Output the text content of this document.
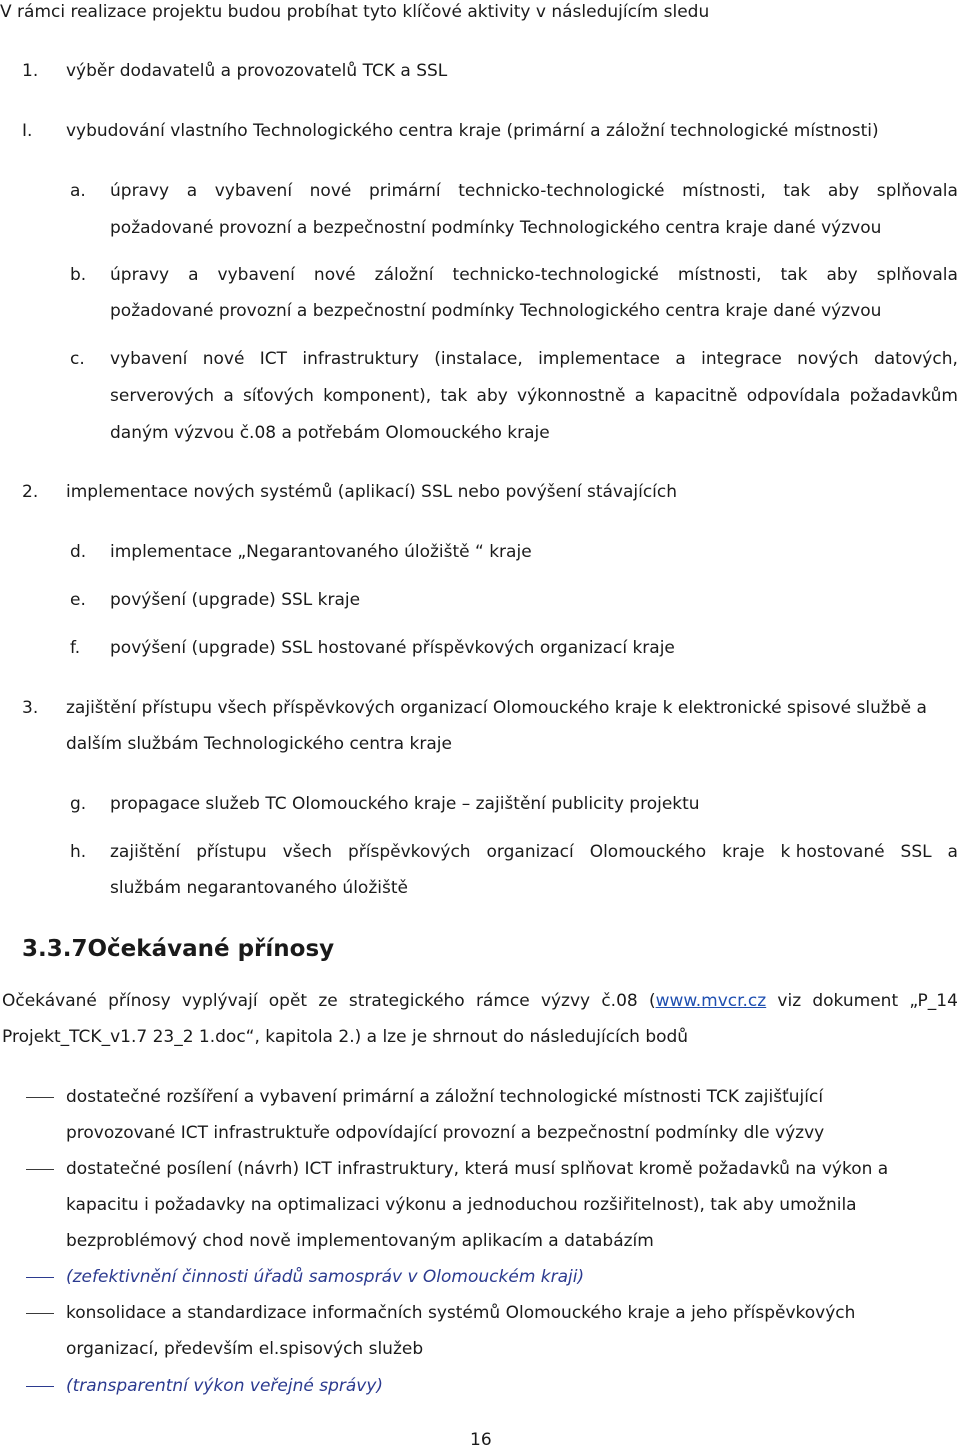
V rámci realizace projektu budou probíhat tyto klíčové aktivity v následujícím sledu
1. výběr dodavatelů a provozovatelů TCK a SSL
I. vybudování vlastního Technologického centra kraje (primární a záložní technologické místnosti)
a. úpravy a vybavení nové primární technicko-technologické místnosti, tak aby splňovala
požadované provozní a bezpečnostní podmínky Technologického centra kraje dané výzvou
b. úpravy a vybavení nové záložní technicko-technologické místnosti, tak aby splňovala
požadované provozní a bezpečnostní podmínky Technologického centra kraje dané výzvou
c. vybavení nové ICT infrastruktury (instalace, implementace a integrace nových datových,
serverových a síťových komponent), tak aby výkonnostně a kapacitně odpovídala požadavkům
daným výzvou č.08 a potřebám Olomouckého kraje
2. implementace nových systémů (aplikací) SSL nebo povýšení stávajících
d. implementace „Negarantovaného úložiště “ kraje
e. povýšení (upgrade) SSL kraje
f. povýšení (upgrade) SSL hostované příspěvkových organizací kraje
3. zajištění přístupu všech příspěvkových organizací Olomouckého kraje k elektronické spisové službě a
dalším službám Technologického centra kraje
g. propagace služeb TC Olomouckého kraje – zajištění publicity projektu
h. zajištění přístupu všech příspěvkových organizací Olomouckého kraje k hostované SSL a
službám negarantovaného úložiště
3.3.7Očekávané přínosy
Očekávané přínosy vyplývají opět ze strategického rámce výzvy č.08 (www.mvcr.cz viz dokument „P_14
Projekt_TCK_v1.7 23_2 1.doc“, kapitola 2.) a lze je shrnout do následujících bodů
dostatečné rozšíření a vybavení primární a záložní technologické místnosti TCK zajišťující
provozované ICT infrastruktuře odpovídající provozní a bezpečnostní podmínky dle výzvy
dostatečné posílení (návrh) ICT infrastruktury, která musí splňovat kromě požadavků na výkon a
kapacitu i požadavky na optimalizaci výkonu a jednoduchou rozšiřitelnost), tak aby umožnila
bezproblémový chod nově implementovaným aplikacím a databázím
(zefektivnění činnosti úřadů samospráv v Olomouckém kraji)
konsolidace a standardizace informačních systémů Olomouckého kraje a jeho příspěvkových
organizací, především el.spisových služeb
(transparentní výkon veřejné správy)
16
